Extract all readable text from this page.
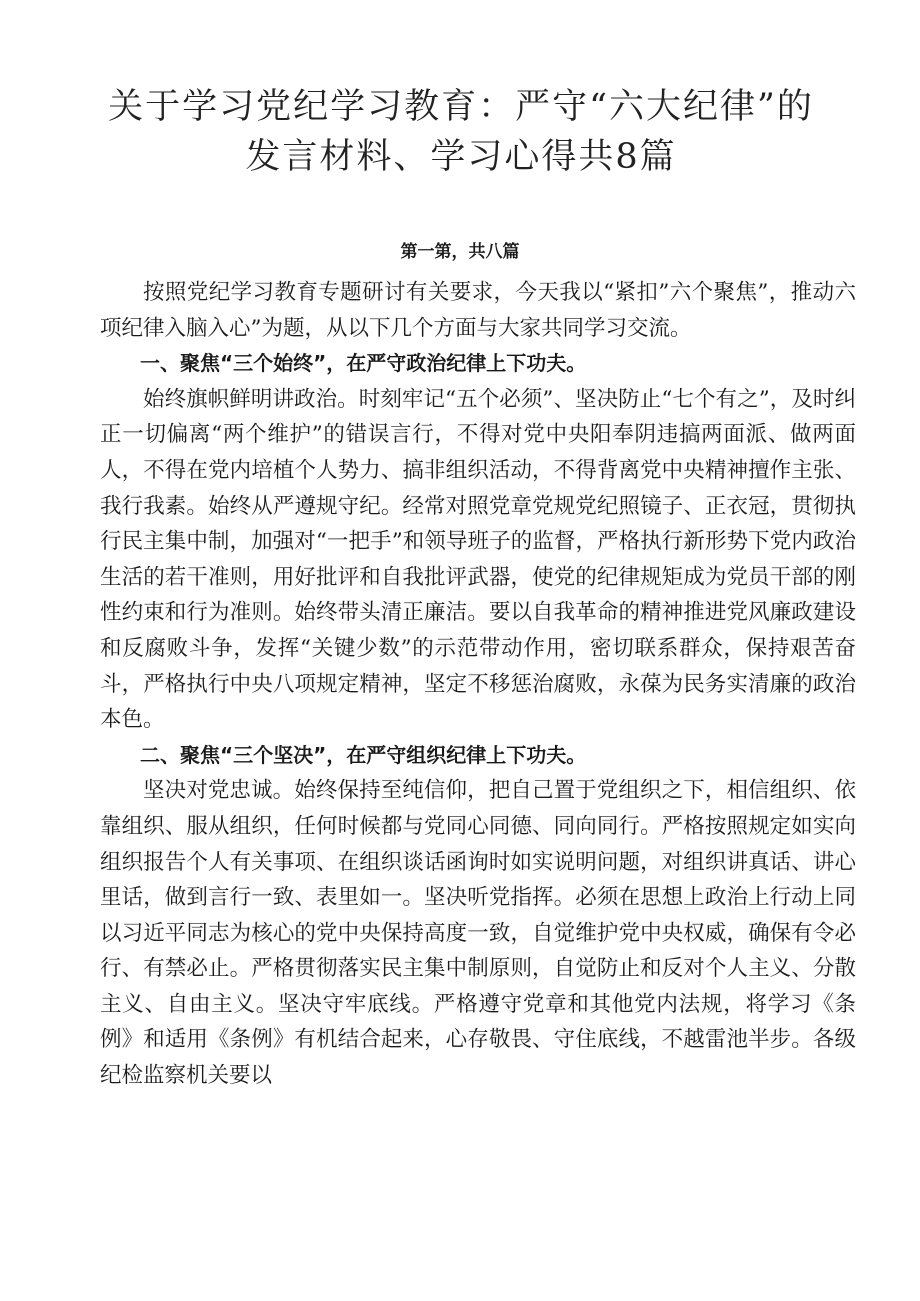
关于学习党纪学习教育：严守“六大纪律”的发言材料、学习心得共8篇

第一第，共八篇

按照党纪学习教育专题研讨有关要求，今天我以“紧扣”六个聚焦”，推动六项纪律入脑入心”为题，从以下几个方面与大家共同学习交流。

一、聚焦“三个始终”，在严守政治纪律上下功夫。

始终旗帜鲜明讲政治。时刻牢记“五个必须”、坚决防止“七个有之”，及时纠正一切偏离“两个维护”的错误言行，不得对党中央阳奉阴违搞两面派、做两面人，不得在党内培植个人势力、搞非组织活动，不得背离党中央精神擅作主张、我行我素。始终从严遵规守纪。经常对照党章党规党纪照镜子、正衣冠，贯彻执行民主集中制，加强对“一把手”和领导班子的监督，严格执行新形势下党内政治生活的若干准则，用好批评和自我批评武器，使党的纪律规矩成为党员干部的刚性约束和行为准则。始终带头清正廉洁。要以自我革命的精神推进党风廉政建设和反腐败斗争，发挥“关键少数”的示范带动作用，密切联系群众，保持艰苦奋斗，严格执行中央八项规定精神，坚定不移惩治腐败，永葆为民务实清廉的政治本色。

二、聚焦“三个坚决”，在严守组织纪律上下功夫。

坚决对党忠诚。始终保持至纯信仰，把自己置于党组织之下，相信组织、依靠组织、服从组织，任何时候都与党同心同德、同向同行。严格按照规定如实向组织报告个人有关事项、在组织谈话函询时如实说明问题，对组织讲真话、讲心里话，做到言行一致、表里如一。坚决听党指挥。必须在思想上政治上行动上同以习近平同志为核心的党中央保持高度一致，自觉维护党中央权威，确保有令必行、有禁必止。严格贯彻落实民主集中制原则，自觉防止和反对个人主义、分散主义、自由主义。坚决守牢底线。严格遵守党章和其他党内法规，将学习《条例》和适用《条例》有机结合起来，心存敬畏、守住底线，不越雷池半步。各级纪检监察机关要以
